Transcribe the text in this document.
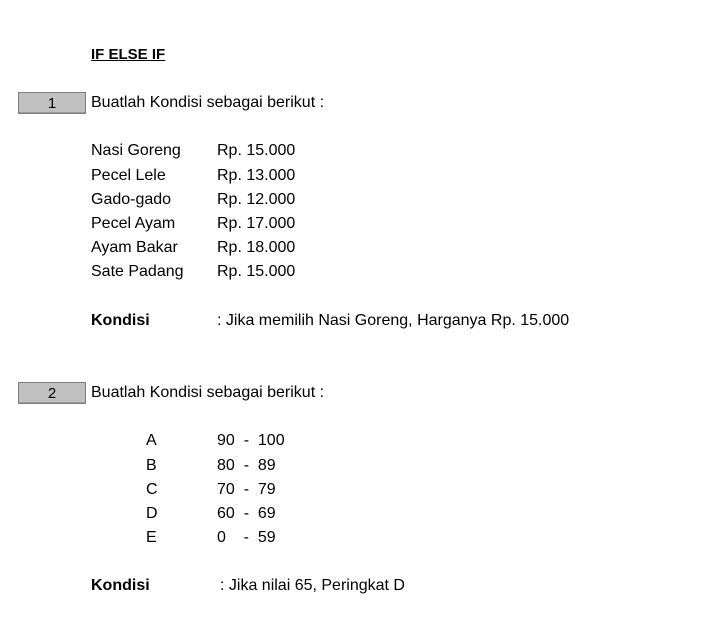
IF ELSE IF
1	Buatlah Kondisi sebagai berikut :
Nasi Goreng Rp. 15.000
Pecel Lele	Rp. 13.000
Gado-gado	Rp. 12.000
Pecel Ayam	Rp. 17.000
Ayam Bakar Rp. 18.000
Sate Padang Rp. 15.000
Kondisi	: Jika memilih Nasi Goreng, Harganya Rp. 15.000
2	Buatlah Kondisi sebagai berikut :
A	90  -  100
B	80  -  89
C	70  -  79
D	60  -  69
E	0    -  59
Kondisi	: Jika nilai 65, Peringkat D
